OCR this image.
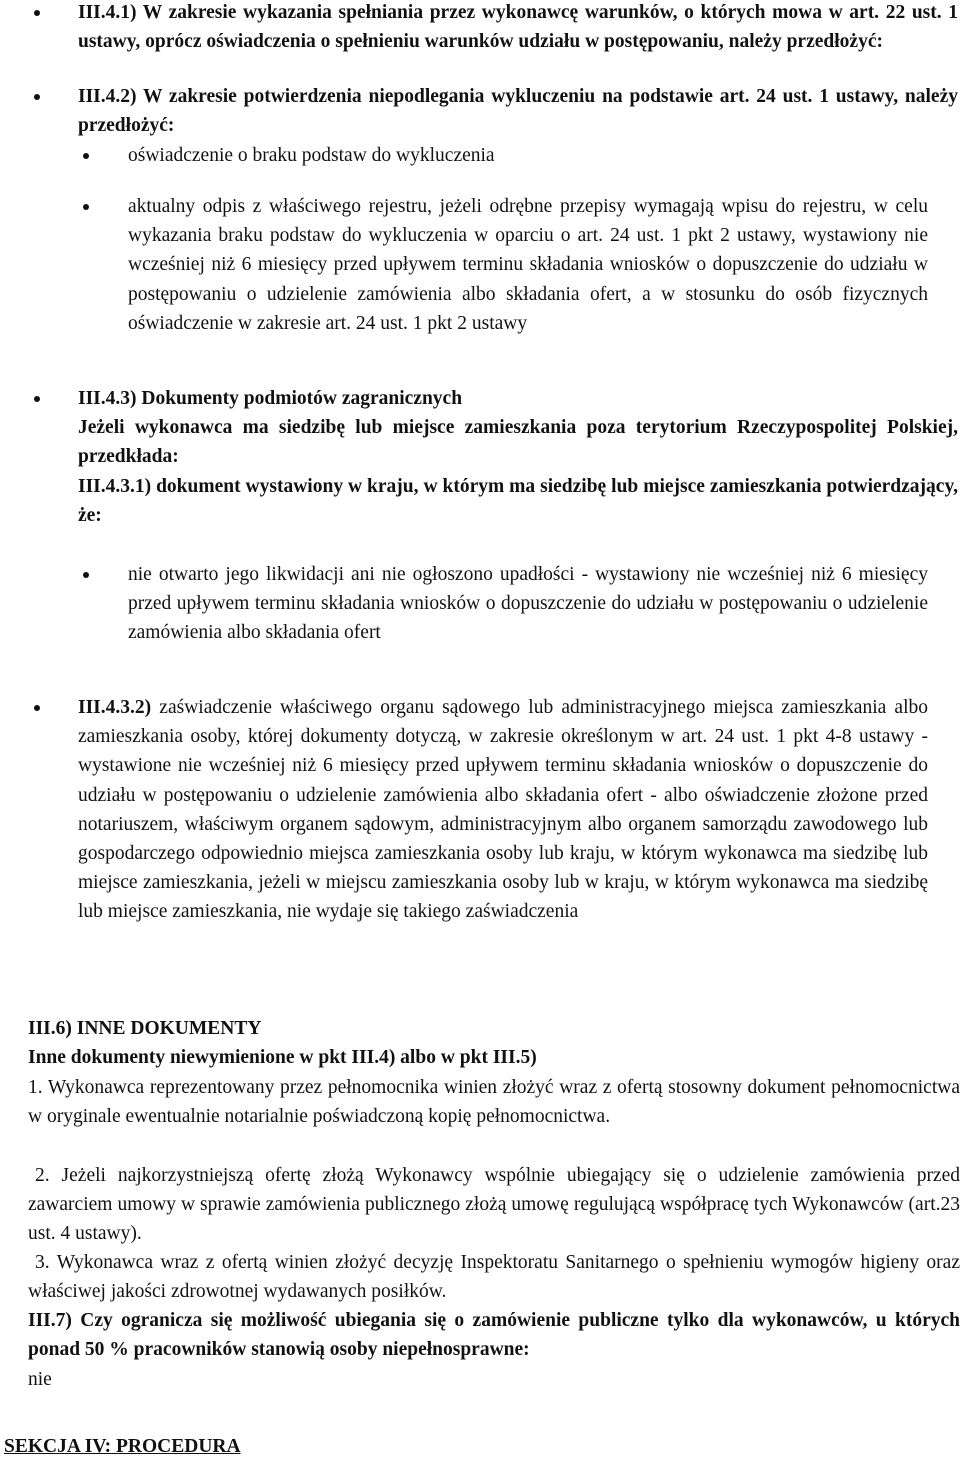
III.4.1) W zakresie wykazania spełniania przez wykonawcę warunków, o których mowa w art. 22 ust. 1 ustawy, oprócz oświadczenia o spełnieniu warunków udziału w postępowaniu, należy przedłożyć:

III.4.2) W zakresie potwierdzenia niepodlegania wykluczeniu na podstawie art. 24 ust. 1 ustawy, należy przedłożyć:

oświadczenie o braku podstaw do wykluczenia

aktualny odpis z właściwego rejestru, jeżeli odrębne przepisy wymagają wpisu do rejestru, w celu wykazania braku podstaw do wykluczenia w oparciu o art. 24 ust. 1 pkt 2 ustawy, wystawiony nie wcześniej niż 6 miesięcy przed upływem terminu składania wniosków o dopuszczenie do udziału w postępowaniu o udzielenie zamówienia albo składania ofert, a w stosunku do osób fizycznych oświadczenie w zakresie art. 24 ust. 1 pkt 2 ustawy

III.4.3) Dokumenty podmiotów zagranicznych

Jeżeli wykonawca ma siedzibę lub miejsce zamieszkania poza terytorium Rzeczypospolitej Polskiej, przedkłada:

III.4.3.1) dokument wystawiony w kraju, w którym ma siedzibę lub miejsce zamieszkania potwierdzający, że:

nie otwarto jego likwidacji ani nie ogłoszono upadłości - wystawiony nie wcześniej niż 6 miesięcy przed upływem terminu składania wniosków o dopuszczenie do udziału w postępowaniu o udzielenie zamówienia albo składania ofert

III.4.3.2) zaświadczenie właściwego organu sądowego lub administracyjnego miejsca zamieszkania albo zamieszkania osoby, której dokumenty dotyczą, w zakresie określonym w art. 24 ust. 1 pkt 4-8 ustawy - wystawione nie wcześniej niż 6 miesięcy przed upływem terminu składania wniosków o dopuszczenie do udziału w postępowaniu o udzielenie zamówienia albo składania ofert - albo oświadczenie złożone przed notariuszem, właściwym organem sądowym, administracyjnym albo organem samorządu zawodowego lub gospodarczego odpowiednio miejsca zamieszkania osoby lub kraju, w którym wykonawca ma siedzibę lub miejsce zamieszkania, jeżeli w miejscu zamieszkania osoby lub w kraju, w którym wykonawca ma siedzibę lub miejsce zamieszkania, nie wydaje się takiego zaświadczenia

III.6) INNE DOKUMENTY

Inne dokumenty niewymienione w pkt III.4) albo w pkt III.5)

1. Wykonawca reprezentowany przez pełnomocnika winien złożyć wraz z ofertą stosowny dokument pełnomocnictwa w oryginale ewentualnie notarialnie poświadczoną kopię pełnomocnictwa.

2. Jeżeli najkorzystniejszą ofertę złożą Wykonawcy wspólnie ubiegający się o udzielenie zamówienia przed zawarciem umowy w sprawie zamówienia publicznego złożą umowę regulującą współpracę tych Wykonawców (art.23 ust. 4 ustawy).

3. Wykonawca wraz z ofertą winien złożyć decyzję Inspektoratu Sanitarnego o spełnieniu wymogów higieny oraz właściwej jakości zdrowotnej wydawanych posiłków.

III.7) Czy ogranicza się możliwość ubiegania się o zamówienie publiczne tylko dla wykonawców, u których ponad 50 % pracowników stanowią osoby niepełnosprawne:

nie

SEKCJA IV: PROCEDURA
